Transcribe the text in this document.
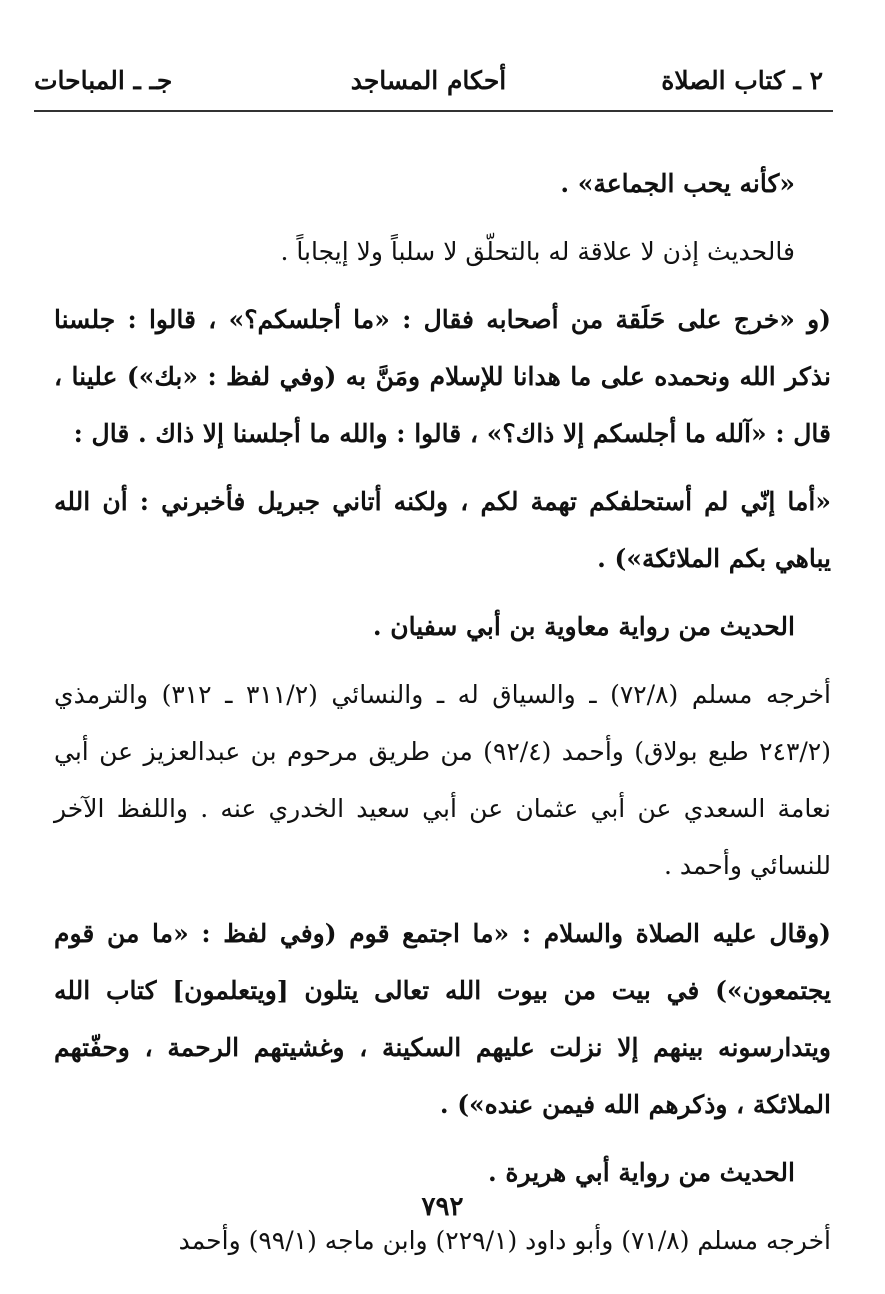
٢ ـ كتاب الصلاة
أحكام المساجد
جـ ـ المباحات

«كأنه يحب الجماعة» .

فالحديث إذن لا علاقة له بالتحلّق لا سلباً ولا إيجاباً .

(و «خرج على حَلَقة من أصحابه فقال : «ما أجلسكم؟» ، قالوا : جلسنا نذكر الله ونحمده على ما هدانا للإسلام ومَنَّ به (وفي لفظ : «بك») علينا ، قال : «آلله ما أجلسكم إلا ذاك؟» ، قالوا : والله ما أجلسنا إلا ذاك . قال :

«أما إنّي لم أستحلفكم تهمة لكم ، ولكنه أتاني جبريل فأخبرني : أن الله يباهي بكم الملائكة») .

الحديث من رواية معاوية بن أبي سفيان .

أخرجه مسلم (٧٢/٨) ـ والسياق له ـ والنسائي (٣١١/٢ ـ ٣١٢) والترمذي (٢٤٣/٢ طبع بولاق) وأحمد (٩٢/٤) من طريق مرحوم بن عبدالعزيز عن أبي نعامة السعدي عن أبي عثمان عن أبي سعيد الخدري عنه . واللفظ الآخر للنسائي وأحمد .

(وقال عليه الصلاة والسلام : «ما اجتمع قوم (وفي لفظ : «ما من قوم يجتمعون») في بيت من بيوت الله تعالى يتلون [ويتعلمون] كتاب الله ويتدارسونه بينهم إلا نزلت عليهم السكينة ، وغشيتهم الرحمة ، وحفّتهم الملائكة ، وذكرهم الله فيمن عنده») .

الحديث من رواية أبي هريرة .

أخرجه مسلم (٧١/٨) وأبو داود (٢٢٩/١) وابن ماجه (٩٩/١) وأحمد

٧٩٢
